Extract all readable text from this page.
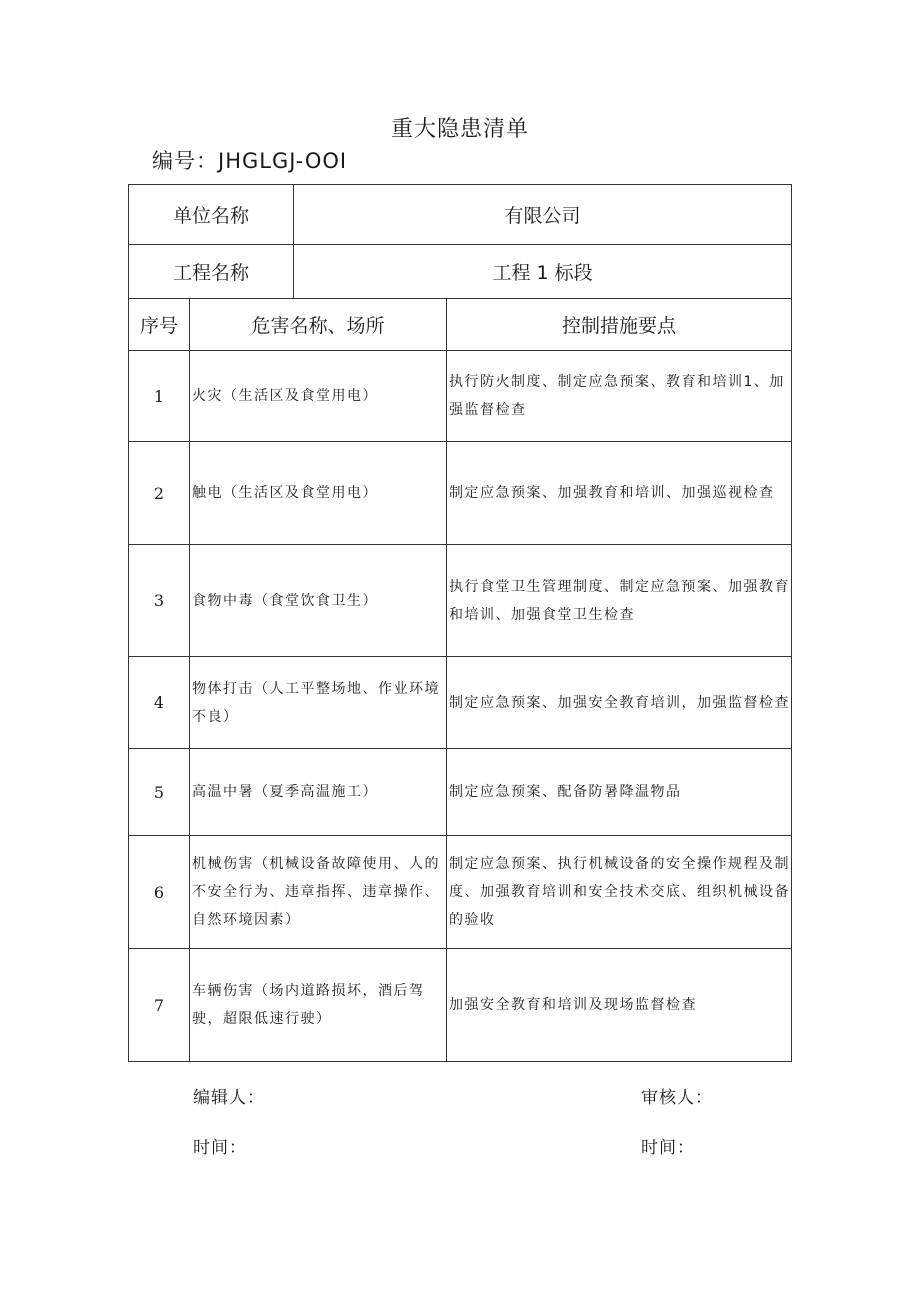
重大隐患清单
编号：JHGLGJ-OOI
单位名称		有限公司	
工程名称		工程 1 标段	
序号	危害名称、场所		控制措施要点
1	火灾（生活区及食堂用电）		执行防火制度、制定应急预案、教育和培训1、加强监督检查
2	触电（生活区及食堂用电）		制定应急预案、加强教育和培训、加强巡视检查
3	食物中毒（食堂饮食卫生）		执行食堂卫生管理制度、制定应急预案、加强教育和培训、加强食堂卫生检查
4	物体打击（人工平整场地、作业环境不良）		制定应急预案、加强安全教育培训，加强监督检查
5	高温中暑（夏季高温施工）		制定应急预案、配备防暑降温物品
6	机械伤害（机械设备故障使用、人的不安全行为、违章指挥、违章操作、自然环境因素）		制定应急预案、执行机械设备的安全操作规程及制度、加强教育培训和安全技术交底、组织机械设备的验收
7	车辆伤害（场内道路损坏，酒后驾驶，超限低速行驶）		加强安全教育和培训及现场监督检查
编辑人：	审核人：
时间：	时间：
